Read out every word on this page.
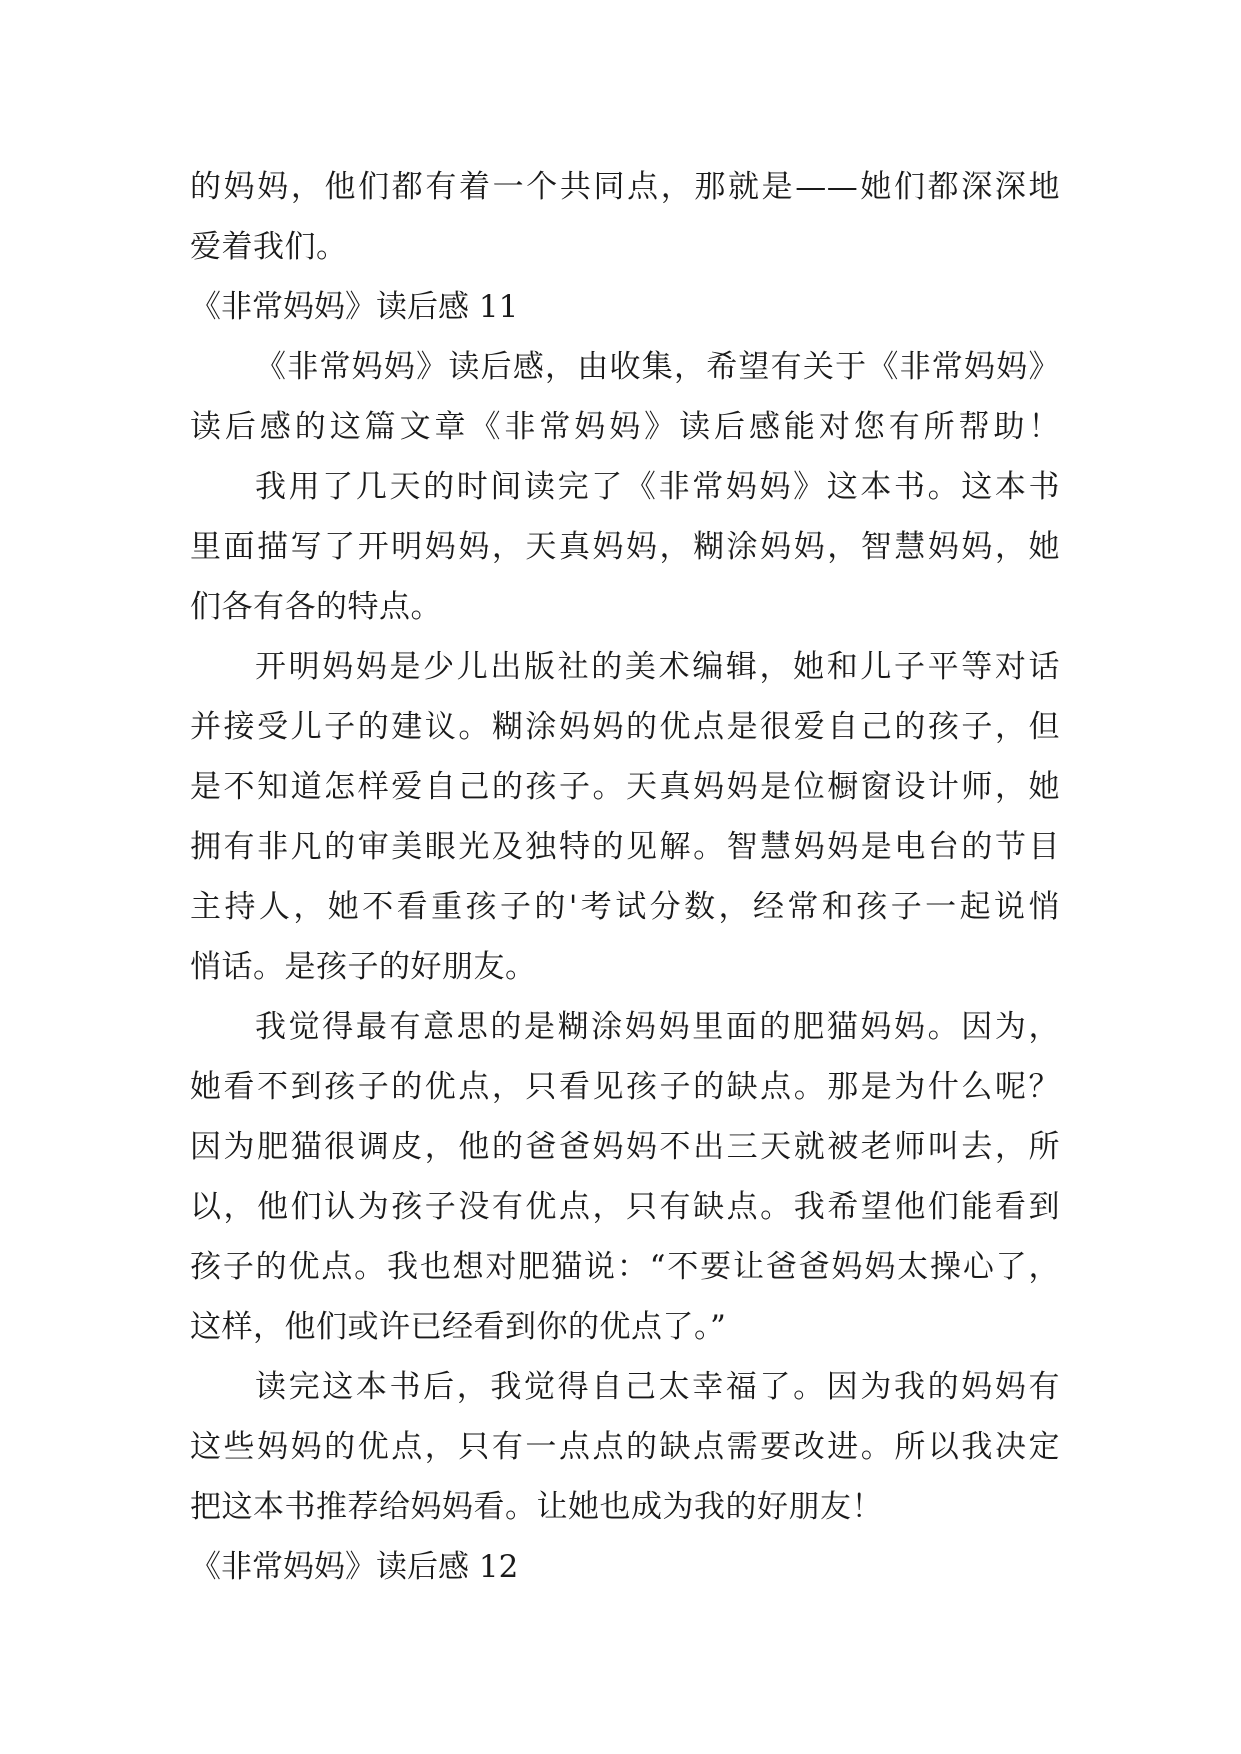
的妈妈，他们都有着一个共同点，那就是——她们都深深地
爱着我们。
《非常妈妈》读后感 11
《非常妈妈》读后感，由收集，希望有关于《非常妈妈》
读后感的这篇文章《非常妈妈》读后感能对您有所帮助！
我用了几天的时间读完了《非常妈妈》这本书。这本书
里面描写了开明妈妈，天真妈妈，糊涂妈妈，智慧妈妈，她
们各有各的特点。
开明妈妈是少儿出版社的美术编辑，她和儿子平等对话
并接受儿子的建议。糊涂妈妈的优点是很爱自己的孩子，但
是不知道怎样爱自己的孩子。天真妈妈是位橱窗设计师，她
拥有非凡的审美眼光及独特的见解。智慧妈妈是电台的节目
主持人，她不看重孩子的'考试分数，经常和孩子一起说悄
悄话。是孩子的好朋友。
我觉得最有意思的是糊涂妈妈里面的肥猫妈妈。因为，
她看不到孩子的优点，只看见孩子的缺点。那是为什么呢？
因为肥猫很调皮，他的爸爸妈妈不出三天就被老师叫去，所
以，他们认为孩子没有优点，只有缺点。我希望他们能看到
孩子的优点。我也想对肥猫说：“不要让爸爸妈妈太操心了，
这样，他们或许已经看到你的优点了。”
读完这本书后，我觉得自己太幸福了。因为我的妈妈有
这些妈妈的优点，只有一点点的缺点需要改进。所以我决定
把这本书推荐给妈妈看。让她也成为我的好朋友！
《非常妈妈》读后感 12
